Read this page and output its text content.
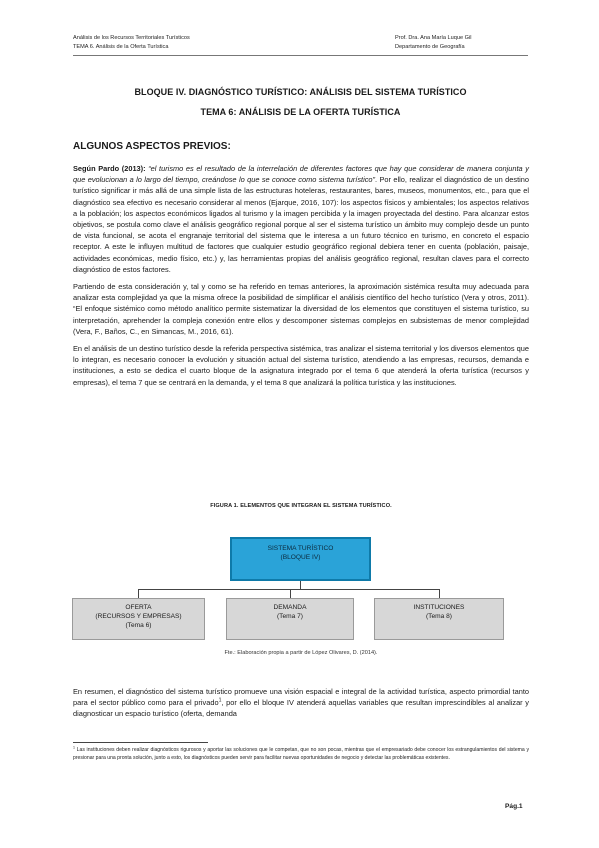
Análisis de los Recursos Territoriales Turísticos
TEMA 6. Análisis de la Oferta Turística
Prof. Dra. Ana María Luque Gil
Departamento de Geografía
BLOQUE IV. DIAGNÓSTICO TURÍSTICO: ANÁLISIS DEL SISTEMA TURÍSTICO
TEMA 6: ANÁLISIS DE LA OFERTA TURÍSTICA
ALGUNOS ASPECTOS PREVIOS:

Según Pardo (2013): “el turismo es el resultado de la interrelación de diferentes factores que hay que considerar de manera conjunta y que evolucionan a lo largo del tiempo, creándose lo que se conoce como sistema turístico”. Por ello, realizar el diagnóstico de un destino turístico significar ir más allá de una simple lista de las estructuras hoteleras, restaurantes, bares, museos, monumentos, etc., para que el diagnóstico sea efectivo es necesario considerar al menos (Ejarque, 2016, 107): los aspectos físicos y ambientales; los aspectos relativos a la población; los aspectos económicos ligados al turismo y la imagen percibida y la imagen proyectada del destino. Para alcanzar estos objetivos, se postula como clave el análisis geográfico regional porque al ser el sistema turístico un ámbito muy complejo desde un punto de vista funcional, se acota el engranaje territorial del sistema que le interesa a un futuro técnico en turismo, en concreto el espacio receptor. A este le influyen multitud de factores que cualquier estudio geográfico regional debiera tener en cuenta (población, paisaje, actividades económicas, medio físico, etc.) y, las herramientas propias del análisis geográfico regional, resultan claves para el correcto diagnóstico de estos factores.

Partiendo de esta consideración y, tal y como se ha referido en temas anteriores, la aproximación sistémica resulta muy adecuada para analizar esta complejidad ya que la misma ofrece la posibilidad de simplificar el análisis científico del hecho turístico (Vera y otros, 2011). “El enfoque sistémico como método analítico permite sistematizar la diversidad de los elementos que constituyen el sistema turístico, su interpretación, aprehender la compleja conexión entre ellos y descomponer sistemas complejos en subsistemas de menor complejidad (Vera, F., Baños, C., en Simancas, M., 2016, 61).

En el análisis de un destino turístico desde la referida perspectiva sistémica, tras analizar el sistema territorial y los diversos elementos que lo integran, es necesario conocer la evolución y situación actual del sistema turístico, atendiendo a las empresas, recursos, demanda e instituciones, a esto se dedica el cuarto bloque de la asignatura integrado por el tema 6 que atenderá la oferta turística (recursos y empresas), el tema 7 que se centrará en la demanda, y el tema 8 que analizará la política turística y las instituciones.

FIGURA 1. ELEMENTOS QUE INTEGRAN EL SISTEMA TURÍSTICO.
SISTEMA TURÍSTICO
(BLOQUE IV)
OFERTA
(RECURSOS Y EMPRESAS)
(Tema 6)
DEMANDA
(Tema 7)
INSTITUCIONES
(Tema 8)
Fte.: Elaboración propia a partir de López Olivares, D. (2014).
En resumen, el diagnóstico del sistema turístico promueve una visión espacial e integral de la actividad turística, aspecto primordial tanto para el sector público como para el privado$^1$, por ello el bloque IV atenderá aquellas variables que resultan imprescindibles al analizar y diagnosticar un espacio turístico (oferta, demanda
$^1$ Las instituciones deben realizar diagnósticos rigurosos y aportar las soluciones que le competan, que no son pocas, mientras que el empresariado debe conocer los estrangulamientos del sistema y presionar para una pronta solución, junto a esto, los diagnósticos pueden servir para facilitar nuevas oportunidades de negocio y detectar las problemáticas existentes.
Pág.1
